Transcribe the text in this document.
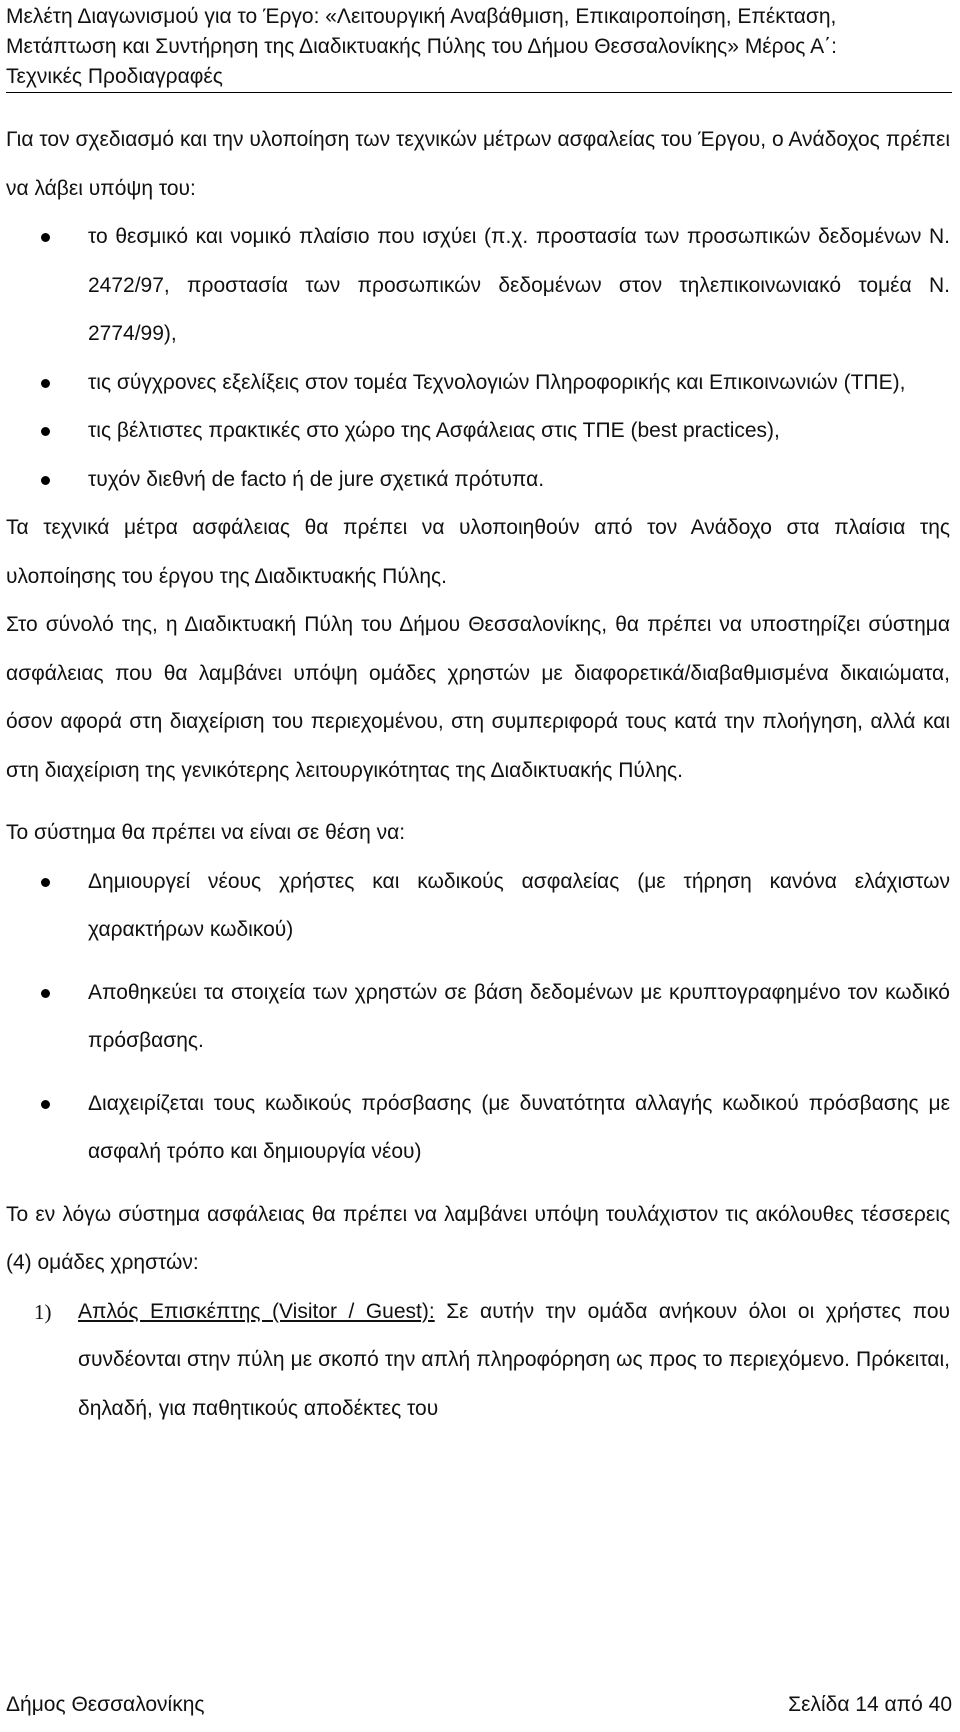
Μελέτη Διαγωνισμού για το Έργο: «Λειτουργική Αναβάθμιση, Επικαιροποίηση, Επέκταση,
Μετάπτωση και Συντήρηση της Διαδικτυακής Πύλης του Δήμου Θεσσαλονίκης» Μέρος Α΄:
Τεχνικές Προδιαγραφές

Για τον σχεδιασμό και την υλοποίηση των τεχνικών μέτρων ασφαλείας του Έργου, ο Ανάδοχος πρέπει να λάβει υπόψη του:

το θεσμικό και νομικό πλαίσιο που ισχύει (π.χ. προστασία των προσωπικών δεδομένων Ν. 2472/97, προστασία των προσωπικών δεδομένων στον τηλεπικοινωνιακό τομέα Ν. 2774/99),
τις σύγχρονες εξελίξεις στον τομέα Τεχνολογιών Πληροφορικής και Επικοινωνιών (ΤΠΕ),
τις βέλτιστες πρακτικές στο χώρο της Ασφάλειας στις ΤΠΕ (best practices),
τυχόν διεθνή de facto ή de jure σχετικά πρότυπα.

Τα τεχνικά μέτρα ασφάλειας θα πρέπει να υλοποιηθούν από τον Ανάδοχο στα πλαίσια της υλοποίησης του έργου της Διαδικτυακής Πύλης.

Στο σύνολό της, η Διαδικτυακή Πύλη του Δήμου Θεσσαλονίκης, θα πρέπει να υποστηρίζει σύστημα ασφάλειας που θα λαμβάνει υπόψη ομάδες χρηστών με διαφορετικά/διαβαθμισμένα δικαιώματα, όσον αφορά στη διαχείριση του περιεχομένου, στη συμπεριφορά τους κατά την πλοήγηση, αλλά και στη διαχείριση της γενικότερης λειτουργικότητας της Διαδικτυακής Πύλης.

Το σύστημα θα πρέπει να είναι σε θέση να:

Δημιουργεί νέους χρήστες και κωδικούς ασφαλείας (με τήρηση κανόνα ελάχιστων χαρακτήρων κωδικού)
Αποθηκεύει τα στοιχεία των χρηστών σε βάση δεδομένων με κρυπτογραφημένο τον κωδικό πρόσβασης.
Διαχειρίζεται τους κωδικούς πρόσβασης (με δυνατότητα αλλαγής κωδικού πρόσβασης με ασφαλή τρόπο και δημιουργία νέου)

Το εν λόγω σύστημα ασφάλειας θα πρέπει να λαμβάνει υπόψη τουλάχιστον τις ακόλουθες τέσσερεις (4) ομάδες χρηστών:

1) Απλός Επισκέπτης (Visitor / Guest): Σε αυτήν την ομάδα ανήκουν όλοι οι χρήστες που συνδέονται στην πύλη με σκοπό την απλή πληροφόρηση ως προς το περιεχόμενο. Πρόκειται, δηλαδή, για παθητικούς αποδέκτες του

Δήμος Θεσσαλονίκης	Σελίδα 14 από 40
